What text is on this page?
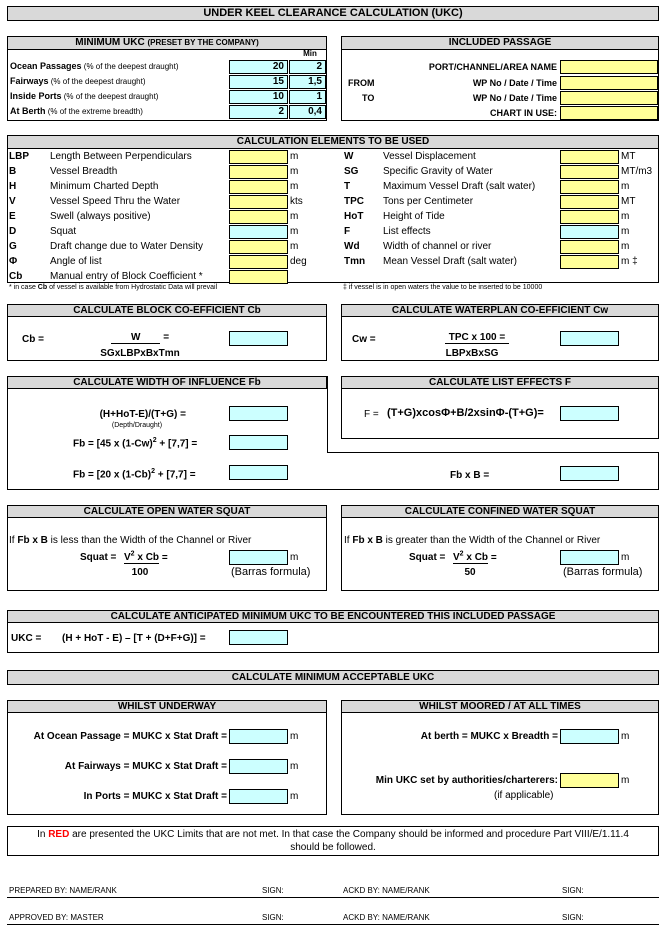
UNDER KEEL CLEARANCE CALCULATION (UKC)
MINIMUM UKC (PRESET BY THE COMPANY)
Min
Ocean Passages (% of the deepest draught)	20	2
Fairways (% of the deepest draught)	15	1,5
Inside Ports (% of the deepest draught)	10	1
At Berth (% of the extreme breadth)	2	0,4
INCLUDED PASSAGE
PORT/CHANNEL/AREA NAME
FROM	WP No / Date / Time
TO	WP No / Date / Time
CHART IN USE:
CALCULATION ELEMENTS TO BE USED
LBP Length Between Perpendiculars	m
B	Vessel Breadth	m
H	Minimum Charted Depth	m
V	Vessel Speed Thru the Water	kts
E	Swell (always positive)	m
D	Squat	m
G	Draft change due to Water Density	m
Φ	Angle of list	deg
Cb	Manual entry of Block Coefficient *
W	Vessel Displacement	MT
SG Specific Gravity of Water	MT/m3
T	Maximum Vessel Draft (salt water)	m
TPC Tons per Centimeter	MT
HoT Height of Tide	m
F	List effects	m
Wd Width of channel or river	m
Tmn Mean Vessel Draft (salt water)	m ‡
* in case Cb of vessel is available from Hydrostatic Data will prevail	‡ if vessel is in open waters the value to be inserted to be 10000
CALCULATE BLOCK CO-EFFICIENT Cb
Cb =	W =
SGxLBPxBxTmn
CALCULATE WATERPLAN CO-EFFICIENT Cw
Cw =	TPC x 100 =
LBPxBxSG
CALCULATE WIDTH OF INFLUENCE Fb
(H+HoT-E)/(T+G) =
(Depth/Draught)
Fb = [45 x $(1-Cw)^2 + [7,7]$ =
Fb = [20 x $(1-Cb)^2 + [7,7]$ =
CALCULATE LIST EFFECTS F
F = (T+G)xcosΦ+B/2xsinΦ-(T+G)=
Fb x B =
CALCULATE OPEN WATER SQUAT
If Fb x B is less than the Width of the Channel or River
Squat = $V^2$ x Cb =
100
m
(Barras formula)
CALCULATE CONFINED WATER SQUAT
If Fb x B is greater than the Width of the Channel or River
Squat = $V^2$ x Cb =
50
m
(Barras formula)
CALCULATE ANTICIPATED MINIMUM UKC TO BE ENCOUNTERED THIS INCLUDED PASSAGE
UKC = (H + HoT - E) – [T + (D+F+G)] =
CALCULATE MINIMUM ACCEPTABLE UKC
WHILST UNDERWAY
At Ocean Passage = MUKC x Stat Draft =	m
At Fairways = MUKC x Stat Draft =	m
In Ports = MUKC x Stat Draft =	m
WHILST MOORED / AT ALL TIMES
At berth = MUKC x Breadth =	m
Min UKC set by authorities/charterers:	m
(if applicable)
In RED are presented the UKC Limits that are not met. In that case the Company should be informed and procedure Part VIII/E/1.11.4 should be followed.
PREPARED BY: NAME/RANK	SIGN:	ACKD BY: NAME/RANK	SIGN:
APPROVED BY: MASTER	SIGN:	ACKD BY: NAME/RANK	SIGN:
